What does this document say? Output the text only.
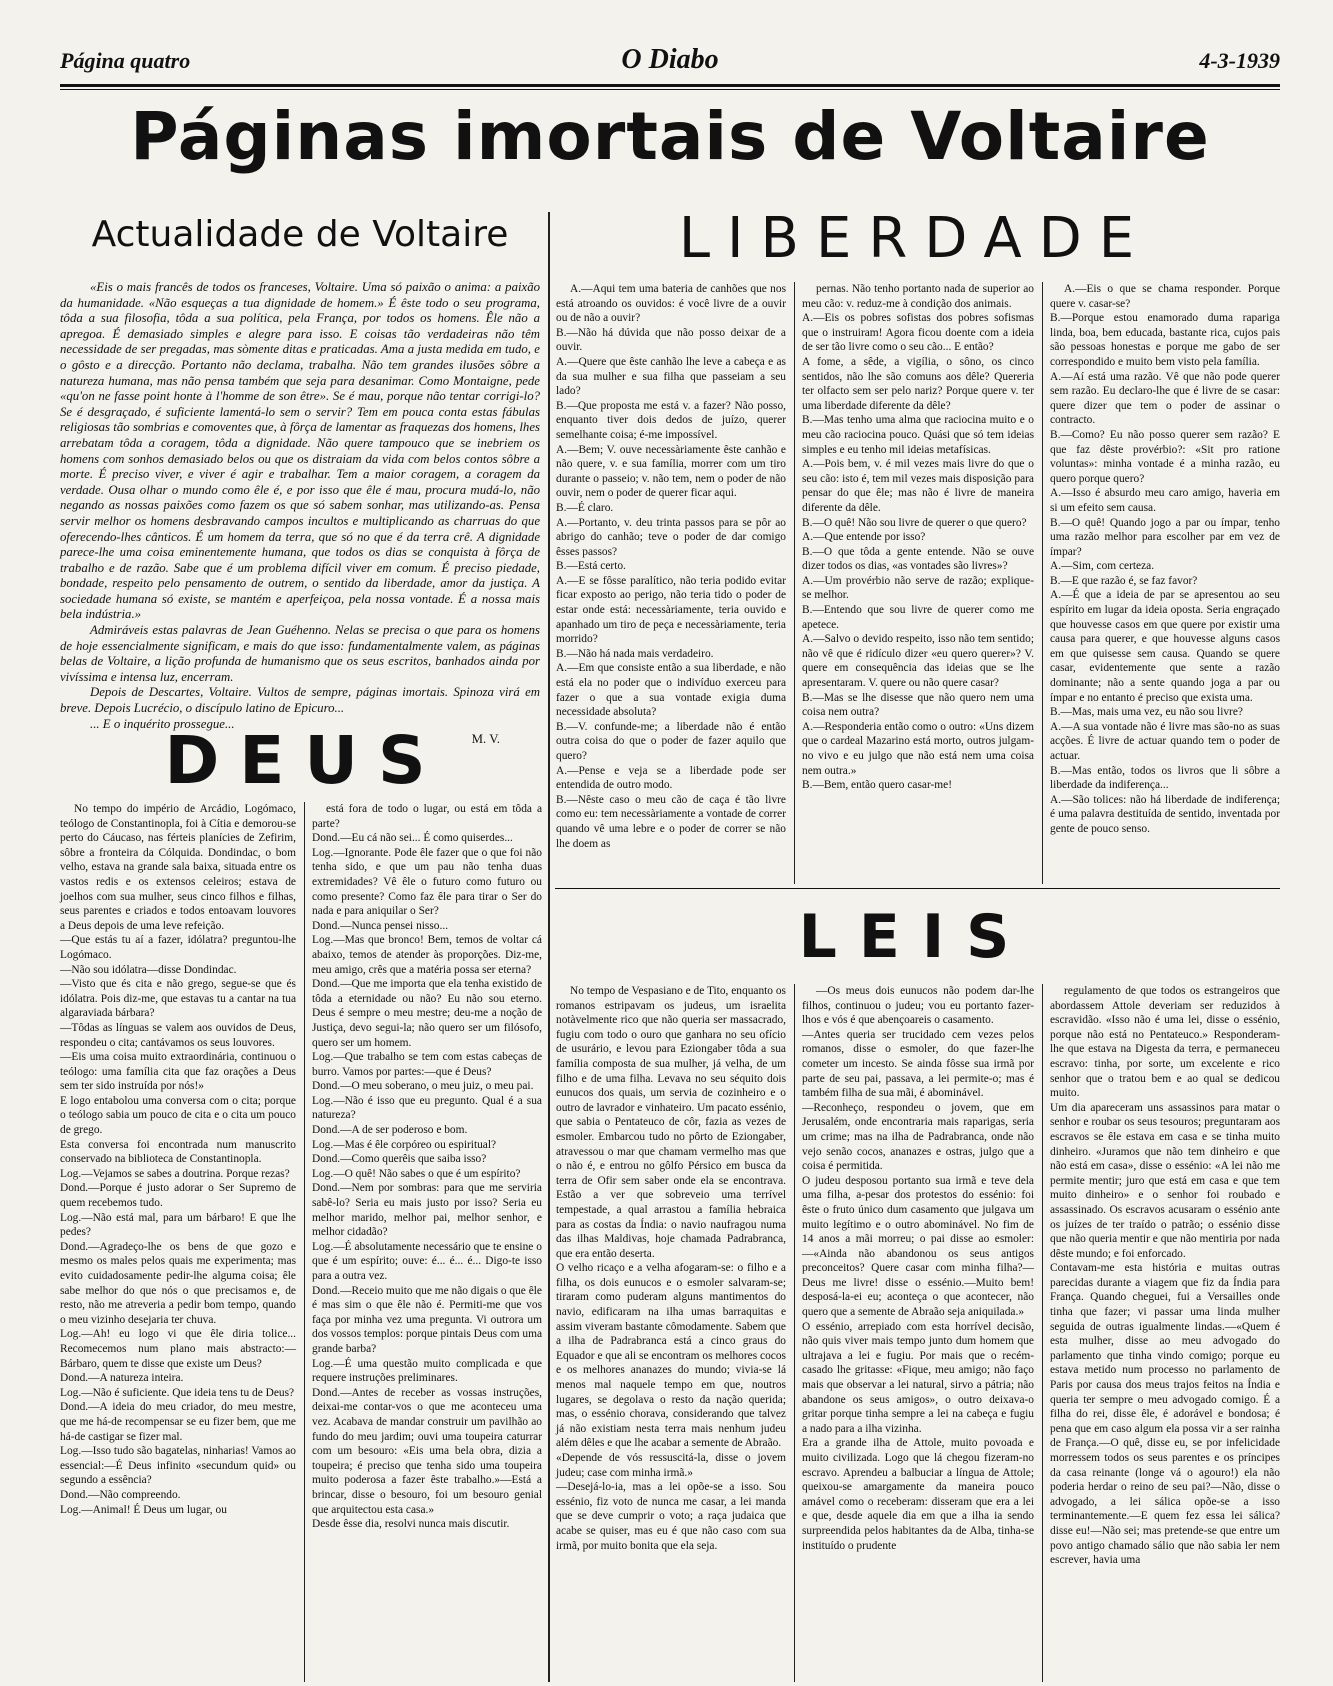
Página quatro	O Diabo	4-3-1939
Páginas imortais de Voltaire
Actualidade de Voltaire	LIBERDADE
DEUS
LEIS

«Eis o mais francês de todos os franceses, Voltaire. Uma só paixão o anima: a paixão da humanidade. «Não esqueças a tua dignidade de homem.» É êste todo o seu programa, tôda a sua filosofia, tôda a sua política, pela França, por todos os homens. Êle não a apregoa. É demasiado simples e alegre para isso. E coisas tão verdadeiras não têm necessidade de ser pregadas, mas sòmente ditas e praticadas. Ama a justa medida em tudo, e o gôsto e a direcção. Portanto não declama, trabalha. Não tem grandes ilusões sôbre a natureza humana, mas não pensa também que seja para desanimar. Como Montaigne, pede «qu'on ne fasse point honte à l'homme de son être». Se é mau, porque não tentar corrigi-lo? Se é desgraçado, é suficiente lamentá-lo sem o servir? Tem em pouca conta estas fábulas religiosas tão sombrias e comoventes que, à fôrça de lamentar as fraquezas dos homens, lhes arrebatam tôda a coragem, tôda a dignidade. Não quere tampouco que se inebriem os homens com sonhos demasiado belos ou que os distraiam da vida com belos contos sôbre a morte. É preciso viver, e viver é agir e trabalhar. Tem a maior coragem, a coragem da verdade. Ousa olhar o mundo como êle é, e por isso que êle é mau, procura mudá-lo, não negando as nossas paixões como fazem os que só sabem sonhar, mas utilizando-as. Pensa servir melhor os homens desbravando campos incultos e multiplicando as charruas do que oferecendo-lhes cânticos. É um homem da terra, que só no que é da terra crê. A dignidade parece-lhe uma coisa eminentemente humana, que todos os dias se conquista à fôrça de trabalho e de razão. Sabe que é um problema difícil viver em comum. É preciso piedade, bondade, respeito pelo pensamento de outrem, o sentido da liberdade, amor da justiça. A sociedade humana só existe, se mantém e aperfeiçoa, pela nossa vontade. É a nossa mais bela indústria.»

Admiráveis estas palavras de Jean Guéhenno. Nelas se precisa o que para os homens de hoje essencialmente significam, e mais do que isso: fundamentalmente valem, as páginas belas de Voltaire, a lição profunda de humanismo que os seus escritos, banhados ainda por vivíssima e intensa luz, encerram.

Depois de Descartes, Voltaire. Vultos de sempre, páginas imortais. Spinoza virá em breve. Depois Lucrécio, o discípulo latino de Epicuro...

... E o inquérito prossegue...

M. V.

A.—Aqui tem uma bateria de canhões que nos está atroando os ouvidos: é você livre de a ouvir ou de não a ouvir?
B.—Não há dúvida que não posso deixar de a ouvir.
A.—Quere que êste canhão lhe leve a cabeça e as da sua mulher e sua filha que passeiam a seu lado?
B.—Que proposta me está v. a fazer? Não posso, enquanto tiver dois dedos de juízo, querer semelhante coisa; é-me impossível.
A.—Bem; V. ouve necessàriamente êste canhão e não quere, v. e sua família, morrer com um tiro durante o passeio; v. não tem, nem o poder de não ouvir, nem o poder de querer ficar aqui.
B.—É claro.
A.—Portanto, v. deu trinta passos para se pôr ao abrigo do canhão; teve o poder de dar comigo êsses passos?
B.—Está certo.
A.—E se fôsse paralítico, não teria podido evitar ficar exposto ao perigo, não teria tido o poder de estar onde está: necessàriamente, teria ouvido e apanhado um tiro de peça e necessàriamente, teria morrido?
B.—Não há nada mais verdadeiro.
A.—Em que consiste então a sua liberdade, e não está ela no poder que o indivíduo exerceu para fazer o que a sua vontade exigia duma necessidade absoluta?
B.—V. confunde-me; a liberdade não é então outra coisa do que o poder de fazer aquilo que quero?
A.—Pense e veja se a liberdade pode ser entendida de outro modo.
B.—Nêste caso o meu cão de caça é tão livre como eu: tem necessàriamente a vontade de correr quando vê uma lebre e o poder de correr se não lhe doem as

pernas. Não tenho portanto nada de superior ao meu cão: v. reduz-me à condição dos animais.
A.—Eis os pobres sofistas dos pobres sofismas que o instruiram! Agora ficou doente com a ideia de ser tão livre como o seu cão... E então?
A fome, a sêde, a vigília, o sôno, os cinco sentidos, não lhe são comuns aos dêle? Quereria ter olfacto sem ser pelo nariz? Porque quere v. ter uma liberdade diferente da dêle?
B.—Mas tenho uma alma que raciocina muito e o meu cão raciocina pouco. Quási que só tem ideias simples e eu tenho mil ideias metafísicas.
A.—Pois bem, v. é mil vezes mais livre do que o seu cão: isto é, tem mil vezes mais disposição para pensar do que êle; mas não é livre de maneira diferente da dêle.
B.—O quê! Não sou livre de querer o que quero?
A.—Que entende por isso?
B.—O que tôda a gente entende. Não se ouve dizer todos os dias, «as vontades são livres»?
A.—Um provérbio não serve de razão; explique-se melhor.
B.—Entendo que sou livre de querer como me apetece.
A.—Salvo o devido respeito, isso não tem sentido; não vê que é ridículo dizer «eu quero querer»? V. quere em consequência das ideias que se lhe apresentaram. V. quere ou não quere casar?
B.—Mas se lhe disesse que não quero nem uma coisa nem outra?
A.—Responderia então como o outro: «Uns dizem que o cardeal Mazarino está morto, outros julgam-no vivo e eu julgo que não está nem uma coisa nem outra.»
B.—Bem, então quero casar-me!

A.—Eis o que se chama responder. Porque quere v. casar-se?
B.—Porque estou enamorado duma rapariga linda, boa, bem educada, bastante rica, cujos pais são pessoas honestas e porque me gabo de ser correspondido e muito bem visto pela família.
A.—Aí está uma razão. Vê que não pode querer sem razão. Eu declaro-lhe que é livre de se casar: quere dizer que tem o poder de assinar o contracto.
B.—Como? Eu não posso querer sem razão? E que faz dêste provérbio?: «Sit pro ratione voluntas»: minha vontade é a minha razão, eu quero porque quero?
A.—Isso é absurdo meu caro amigo, haveria em si um efeito sem causa.
B.—O quê! Quando jogo a par ou ímpar, tenho uma razão melhor para escolher par em vez de ímpar?
A.—Sim, com certeza.
B.—E que razão é, se faz favor?
A.—É que a ideia de par se apresentou ao seu espírito em lugar da ideia oposta. Seria engraçado que houvesse casos em que quere por existir uma causa para querer, e que houvesse alguns casos em que quisesse sem causa. Quando se quere casar, evidentemente que sente a razão dominante; não a sente quando joga a par ou ímpar e no entanto é preciso que exista uma.
B.—Mas, mais uma vez, eu não sou livre?
A.—A sua vontade não é livre mas são-no as suas acções. É livre de actuar quando tem o poder de actuar.
B.—Mas então, todos os livros que li sôbre a liberdade da indiferença...
A.—São tolices: não há liberdade de indiferença; é uma palavra destituída de sentido, inventada por gente de pouco senso.

No tempo do império de Arcádio, Logómaco, teólogo de Constantinopla, foi à Cítia e demorou-se perto do Cáucaso, nas férteis planícies de Zefirim, sôbre a fronteira da Cólquida. Dondindac, o bom velho, estava na grande sala baixa, situada entre os vastos redis e os extensos celeiros; estava de joelhos com sua mulher, seus cinco filhos e filhas, seus parentes e criados e todos entoavam louvores a Deus depois de uma leve refeição.
—Que estás tu aí a fazer, idólatra? preguntou-lhe Logómaco.
—Não sou idólatra—disse Dondindac.
—Visto que és cita e não grego, segue-se que és idólatra. Pois diz-me, que estavas tu a cantar na tua algaraviada bárbara?
—Tôdas as línguas se valem aos ouvidos de Deus, respondeu o cita; cantávamos os seus louvores.
—Eis uma coisa muito extraordinária, continuou o teólogo: uma família cita que faz orações a Deus sem ter sido instruída por nós!»
E logo entabolou uma conversa com o cita; porque o teólogo sabia um pouco de cita e o cita um pouco de grego.
Esta conversa foi encontrada num manuscrito conservado na biblioteca de Constantinopla.
Log.—Vejamos se sabes a doutrina. Porque rezas?
Dond.—Porque é justo adorar o Ser Supremo de quem recebemos tudo.
Log.—Não está mal, para um bárbaro! E que lhe pedes?
Dond.—Agradeço-lhe os bens de que gozo e mesmo os males pelos quais me experimenta; mas evito cuidadosamente pedir-lhe alguma coisa; êle sabe melhor do que nós o que precisamos e, de resto, não me atreveria a pedir bom tempo, quando o meu vizinho desejaria ter chuva.
Log.—Ah! eu logo vi que êle diria tolice... Recomecemos num plano mais abstracto:—Bárbaro, quem te disse que existe um Deus?
Dond.—A natureza inteira.
Log.—Não é suficiente. Que ideia tens tu de Deus?
Dond.—A ideia do meu criador, do meu mestre, que me há-de recompensar se eu fizer bem, que me há-de castigar se fizer mal.
Log.—Isso tudo são bagatelas, ninharias! Vamos ao essencial:—É Deus infinito «secundum quid» ou segundo a essência?
Dond.—Não compreendo.
Log.—Animal! É Deus um lugar, ou

está fora de todo o lugar, ou está em tôda a parte?
Dond.—Eu cá não sei... É como quiserdes...
Log.—Ignorante. Pode êle fazer que o que foi não tenha sido, e que um pau não tenha duas extremidades? Vê êle o futuro como futuro ou como presente? Como faz êle para tirar o Ser do nada e para aniquilar o Ser?
Dond.—Nunca pensei nisso...
Log.—Mas que bronco! Bem, temos de voltar cá abaixo, temos de atender às proporções. Diz-me, meu amigo, crês que a matéria possa ser eterna?
Dond.—Que me importa que ela tenha existido de tôda a eternidade ou não? Eu não sou eterno. Deus é sempre o meu mestre; deu-me a noção de Justiça, devo segui-la; não quero ser um filósofo, quero ser um homem.
Log.—Que trabalho se tem com estas cabeças de burro. Vamos por partes:—que é Deus?
Dond.—O meu soberano, o meu juiz, o meu pai.
Log.—Não é isso que eu pregunto. Qual é a sua natureza?
Dond.—A de ser poderoso e bom.
Log.—Mas é êle corpóreo ou espiritual?
Dond.—Como querêis que saiba isso?
Log.—O quê! Não sabes o que é um espírito?
Dond.—Nem por sombras: para que me serviria sabê-lo? Seria eu mais justo por isso? Seria eu melhor marido, melhor pai, melhor senhor, e melhor cidadão?
Log.—É absolutamente necessário que te ensine o que é um espírito; ouve: é... é... é... Digo-te isso para a outra vez.
Dond.—Receio muito que me não digais o que êle é mas sim o que êle não é. Permiti-me que vos faça por minha vez uma pregunta. Vi outrora um dos vossos templos: porque pintais Deus com uma grande barba?
Log.—É uma questão muito complicada e que requere instruções preliminares.
Dond.—Antes de receber as vossas instruções, deixai-me contar-vos o que me aconteceu uma vez. Acabava de mandar construir um pavilhão ao fundo do meu jardim; ouvi uma toupeira caturrar com um besouro: «Eis uma bela obra, dizia a toupeira; é preciso que tenha sido uma toupeira muito poderosa a fazer êste trabalho.»—Está a brincar, disse o besouro, foi um besouro genial que arquitectou esta casa.»
Desde êsse dia, resolvi nunca mais discutir.

No tempo de Vespasiano e de Tito, enquanto os romanos estripavam os judeus, um israelita notàvelmente rico que não queria ser massacrado, fugiu com todo o ouro que ganhara no seu ofício de usurário, e levou para Eziongaber tôda a sua família composta de sua mulher, já velha, de um filho e de uma filha. Levava no seu séquito dois eunucos dos quais, um servia de cozinheiro e o outro de lavrador e vinhateiro. Um pacato essénio, que sabia o Pentateuco de côr, fazia as vezes de esmoler. Embarcou tudo no pôrto de Eziongaber, atravessou o mar que chamam vermelho mas que o não é, e entrou no gôlfo Pérsico em busca da terra de Ofir sem saber onde ela se encontrava. Estão a ver que sobreveio uma terrível tempestade, a qual arrastou a família hebraica para as costas da Índia: o navio naufragou numa das ilhas Maldivas, hoje chamada Padrabranca, que era então deserta.
O velho ricaço e a velha afogaram-se: o filho e a filha, os dois eunucos e o esmoler salvaram-se; tiraram como puderam alguns mantimentos do navio, edificaram na ilha umas barraquitas e assim viveram bastante cômodamente. Sabem que a ilha de Padrabranca está a cinco graus do Equador e que ali se encontram os melhores cocos e os melhores ananazes do mundo; vivia-se lá menos mal naquele tempo em que, noutros lugares, se degolava o resto da nação querida; mas, o essénio chorava, considerando que talvez já não existiam nesta terra mais nenhum judeu além dêles e que lhe acabar a semente de Abraão.
«Depende de vós ressuscitá-la, disse o jovem judeu; case com minha irmã.»
—Desejá-lo-ia, mas a lei opõe-se a isso. Sou essénio, fiz voto de nunca me casar, a lei manda que se deve cumprir o voto; a raça judaica que acabe se quiser, mas eu é que não caso com sua irmã, por muito bonita que ela seja.

—Os meus dois eunucos não podem dar-lhe filhos, continuou o judeu; vou eu portanto fazer-lhos e vós é que abençoareis o casamento.
—Antes queria ser trucidado cem vezes pelos romanos, disse o esmoler, do que fazer-lhe cometer um incesto. Se ainda fôsse sua irmã por parte de seu pai, passava, a lei permite-o; mas é também filha de sua mãi, é abominável.
—Reconheço, respondeu o jovem, que em Jerusalém, onde encontraria mais raparigas, seria um crime; mas na ilha de Padrabranca, onde não vejo senão cocos, ananazes e ostras, julgo que a coisa é permitida.
O judeu desposou portanto sua irmã e teve dela uma filha, a-pesar dos protestos do essénio: foi êste o fruto único dum casamento que julgava um muito legítimo e o outro abominável. No fim de 14 anos a mãi morreu; o pai disse ao esmoler:—«Ainda não abandonou os seus antigos preconceitos? Quere casar com minha filha?—Deus me livre! disse o essénio.—Muito bem! desposá-la-ei eu; aconteça o que acontecer, não quero que a semente de Abraão seja aniquilada.»
O essénio, arrepiado com esta horrível decisão, não quis viver mais tempo junto dum homem que ultrajava a lei e fugiu. Por mais que o recém-casado lhe gritasse: «Fique, meu amigo; não faço mais que observar a lei natural, sirvo a pátria; não abandone os seus amigos», o outro deixava-o gritar porque tinha sempre a lei na cabeça e fugiu a nado para a ilha vizinha.
Era a grande ilha de Attole, muito povoada e muito civilizada. Logo que lá chegou fizeram-no escravo. Aprendeu a balbuciar a língua de Attole; queixou-se amargamente da maneira pouco amável como o receberam: disseram que era a lei e que, desde aquele dia em que a ilha ia sendo surpreendida pelos habitantes da de Alba, tinha-se instituído o prudente

regulamento de que todos os estrangeiros que abordassem Attole deveriam ser reduzidos à escravidão. «Isso não é uma lei, disse o essénio, porque não está no Pentateuco.» Responderam-lhe que estava na Digesta da terra, e permaneceu escravo: tinha, por sorte, um excelente e rico senhor que o tratou bem e ao qual se dedicou muito.
Um dia apareceram uns assassinos para matar o senhor e roubar os seus tesouros; preguntaram aos escravos se êle estava em casa e se tinha muito dinheiro. «Juramos que não tem dinheiro e que não está em casa», disse o essénio: «A lei não me permite mentir; juro que está em casa e que tem muito dinheiro» e o senhor foi roubado e assassinado. Os escravos acusaram o essénio ante os juízes de ter traído o patrão; o essénio disse que não queria mentir e que não mentiria por nada dêste mundo; e foi enforcado.
Contavam-me esta história e muitas outras parecidas durante a viagem que fiz da Índia para França. Quando cheguei, fui a Versailles onde tinha que fazer; vi passar uma linda mulher seguida de outras igualmente lindas.—«Quem é esta mulher, disse ao meu advogado do parlamento que tinha vindo comigo; porque eu estava metido num processo no parlamento de Paris por causa dos meus trajos feitos na Índia e queria ter sempre o meu advogado comigo. É a filha do rei, disse êle, é adorável e bondosa; é pena que em caso algum ela possa vir a ser rainha de França.—O quê, disse eu, se por infelicidade morressem todos os seus parentes e os príncipes da casa reinante (longe vá o agouro!) ela não poderia herdar o reino de seu pai?—Não, disse o advogado, a lei sálica opõe-se a isso terminantemente.—E quem fez essa lei sálica? disse eu!—Não sei; mas pretende-se que entre um povo antigo chamado sálio que não sabia ler nem escrever, havia uma
